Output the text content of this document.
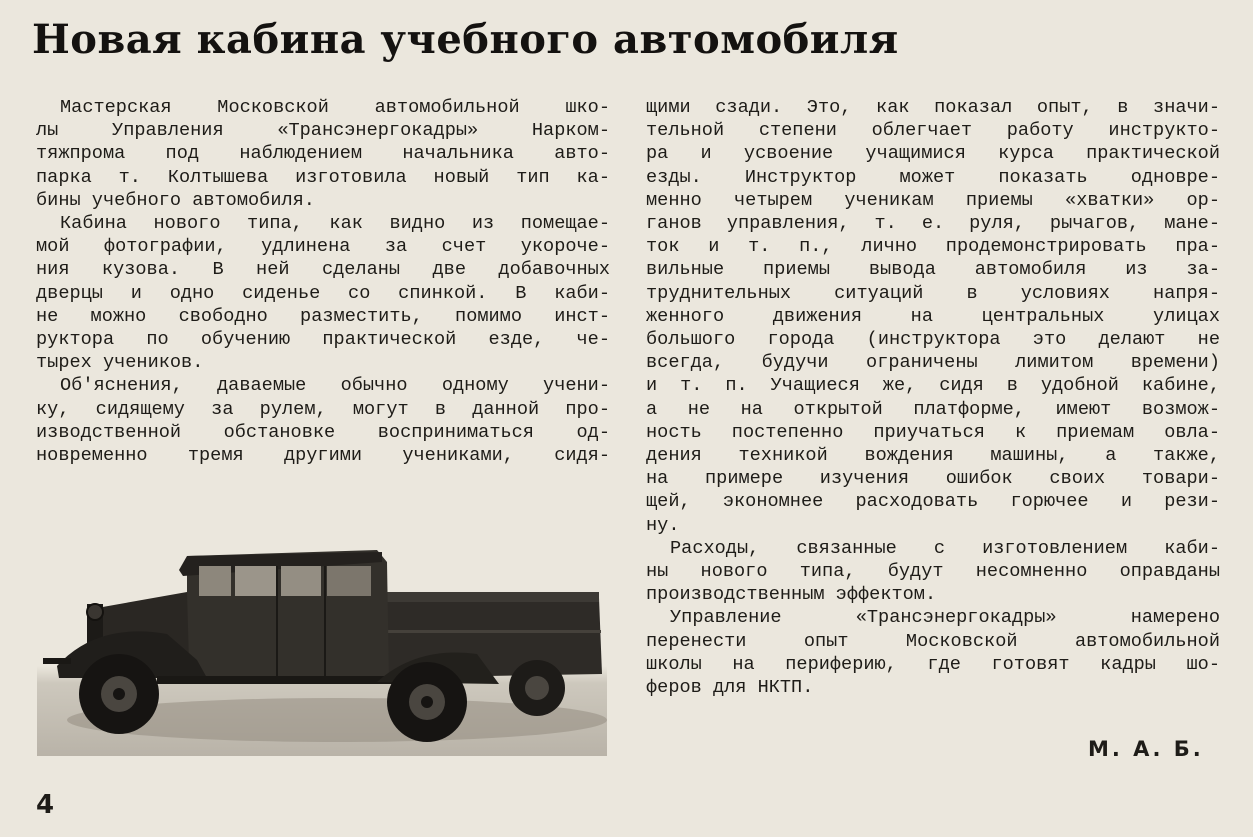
Новая кабина учебного автомобиля
Мастерская Московской автомобильной шко-
лы Управления «Трансэнергокадры» Нарком-
тяжпрома под наблюдением начальника авто-
парка т. Колтышева изготовила новый тип ка-
бины учебного автомобиля.
Кабина нового типа, как видно из помещае-
мой фотографии, удлинена за счет укороче-
ния кузова. В ней сделаны две добавочных
дверцы и одно сиденье со спинкой. В каби-
не можно свободно разместить, помимо инст-
руктора по обучению практической езде, че-
тырех учеников.
Об'яснения, даваемые обычно одному учени-
ку, сидящему за рулем, могут в данной про-
изводственной обстановке восприниматься од-
новременно тремя другими учениками, сидя-
щими сзади. Это, как показал опыт, в значи-
тельной степени облегчает работу инструкто-
ра и усвоение учащимися курса практической
езды. Инструктор может показать одновре-
менно четырем ученикам приемы «хватки» ор-
ганов управления, т. е. руля, рычагов, мане-
ток и т. п., лично продемонстрировать пра-
вильные приемы вывода автомобиля из за-
труднительных ситуаций в условиях напря-
женного движения на центральных улицах
большого города (инструктора это делают не
всегда, будучи ограничены лимитом времени)
и т. п. Учащиеся же, сидя в удобной кабине,
а не на открытой платформе, имеют возмож-
ность постепенно приучаться к приемам овла-
дения техникой вождения машины, а также,
на примере изучения ошибок своих товари-
щей, экономнее расходовать горючее и рези-
ну.
Расходы, связанные с изготовлением каби-
ны нового типа, будут несомненно оправданы
производственным эффектом.
Управление «Трансэнергокадры» намерено
перенести опыт Московской автомобильной
школы на периферию, где готовят кадры шо-
феров для НКТП.

М. А. Б.

4
